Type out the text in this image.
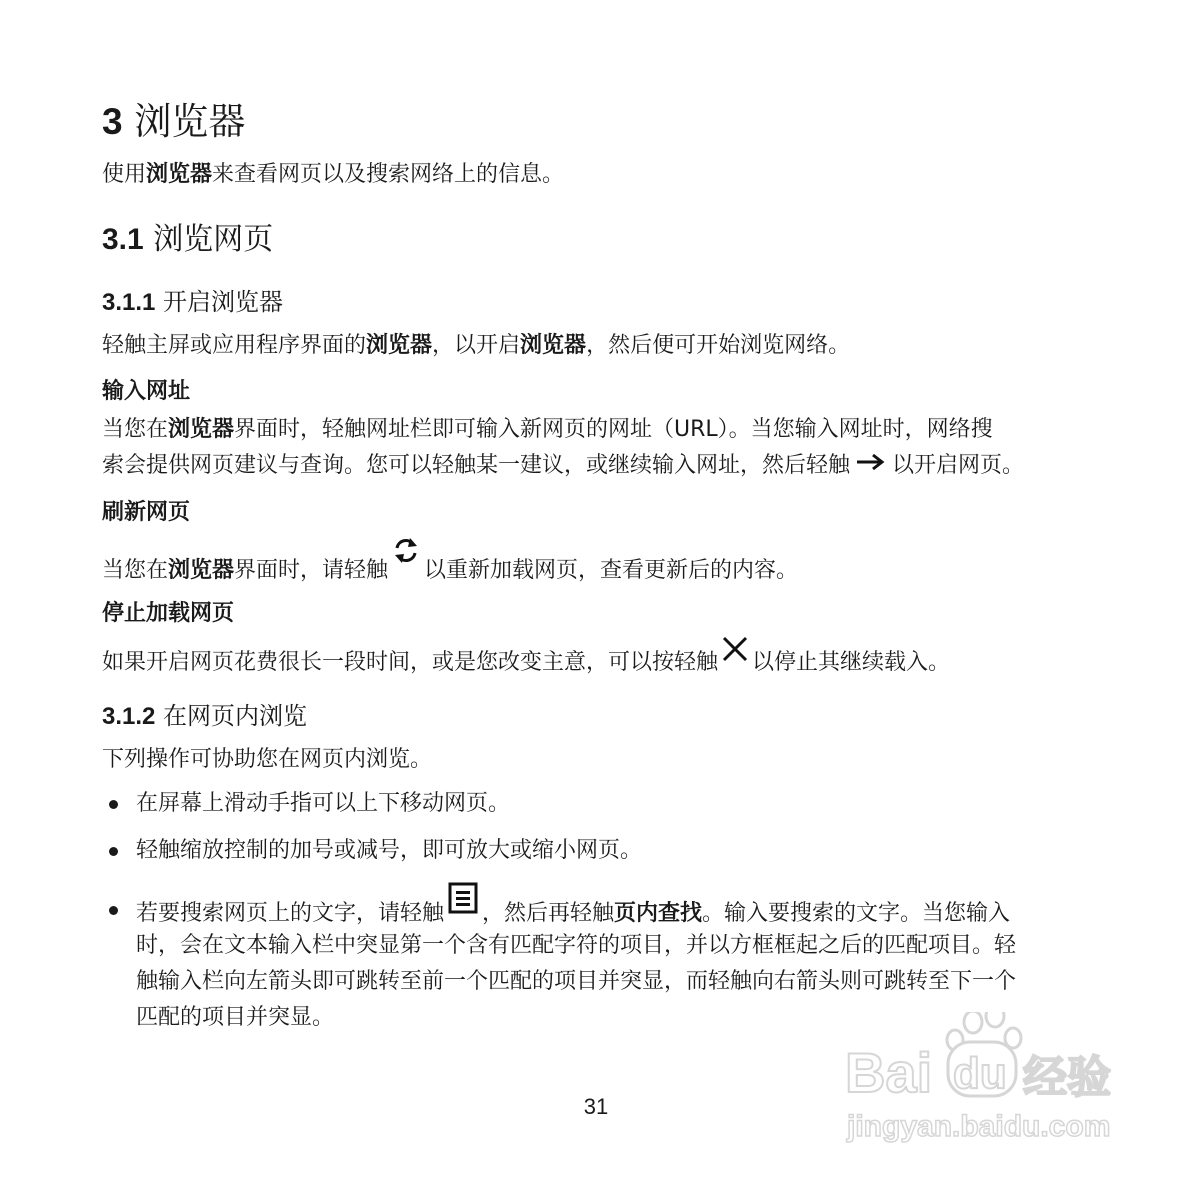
3 浏览器

使用浏览器来查看网页以及搜索网络上的信息。

3.1 浏览网页
3.1.1 开启浏览器

轻触主屏或应用程序界面的浏览器，以开启浏览器，然后便可开始浏览网络。

输入网址

当您在浏览器界面时，轻触网址栏即可输入新网页的网址（URL）。当您输入网址时，网络搜

索会提供网页建议与查询。您可以轻触某一建议，或继续输入网址，然后轻触 以开启网页。

刷新网页

当您在浏览器界面时，请轻触 以重新加载网页，查看更新后的内容。

停止加载网页

如果开启网页花费很长一段时间，或是您改变主意，可以按轻触 以停止其继续载入。

3.1.2 在网页内浏览

下列操作可协助您在网页内浏览。

在屏幕上滑动手指可以上下移动网页。
轻触缩放控制的加号或减号，即可放大或缩小网页。
若要搜索网页上的文字，请轻触 ，然后再轻触页内查找。输入要搜索的文字。当您输入
时，会在文本输入栏中突显第一个含有匹配字符的项目，并以方框框起之后的匹配项目。轻
触输入栏向左箭头即可跳转至前一个匹配的项目并突显，而轻触向右箭头则可跳转至下一个
匹配的项目并突显。
31
Bai du 经验
jingyan.baidu.com
